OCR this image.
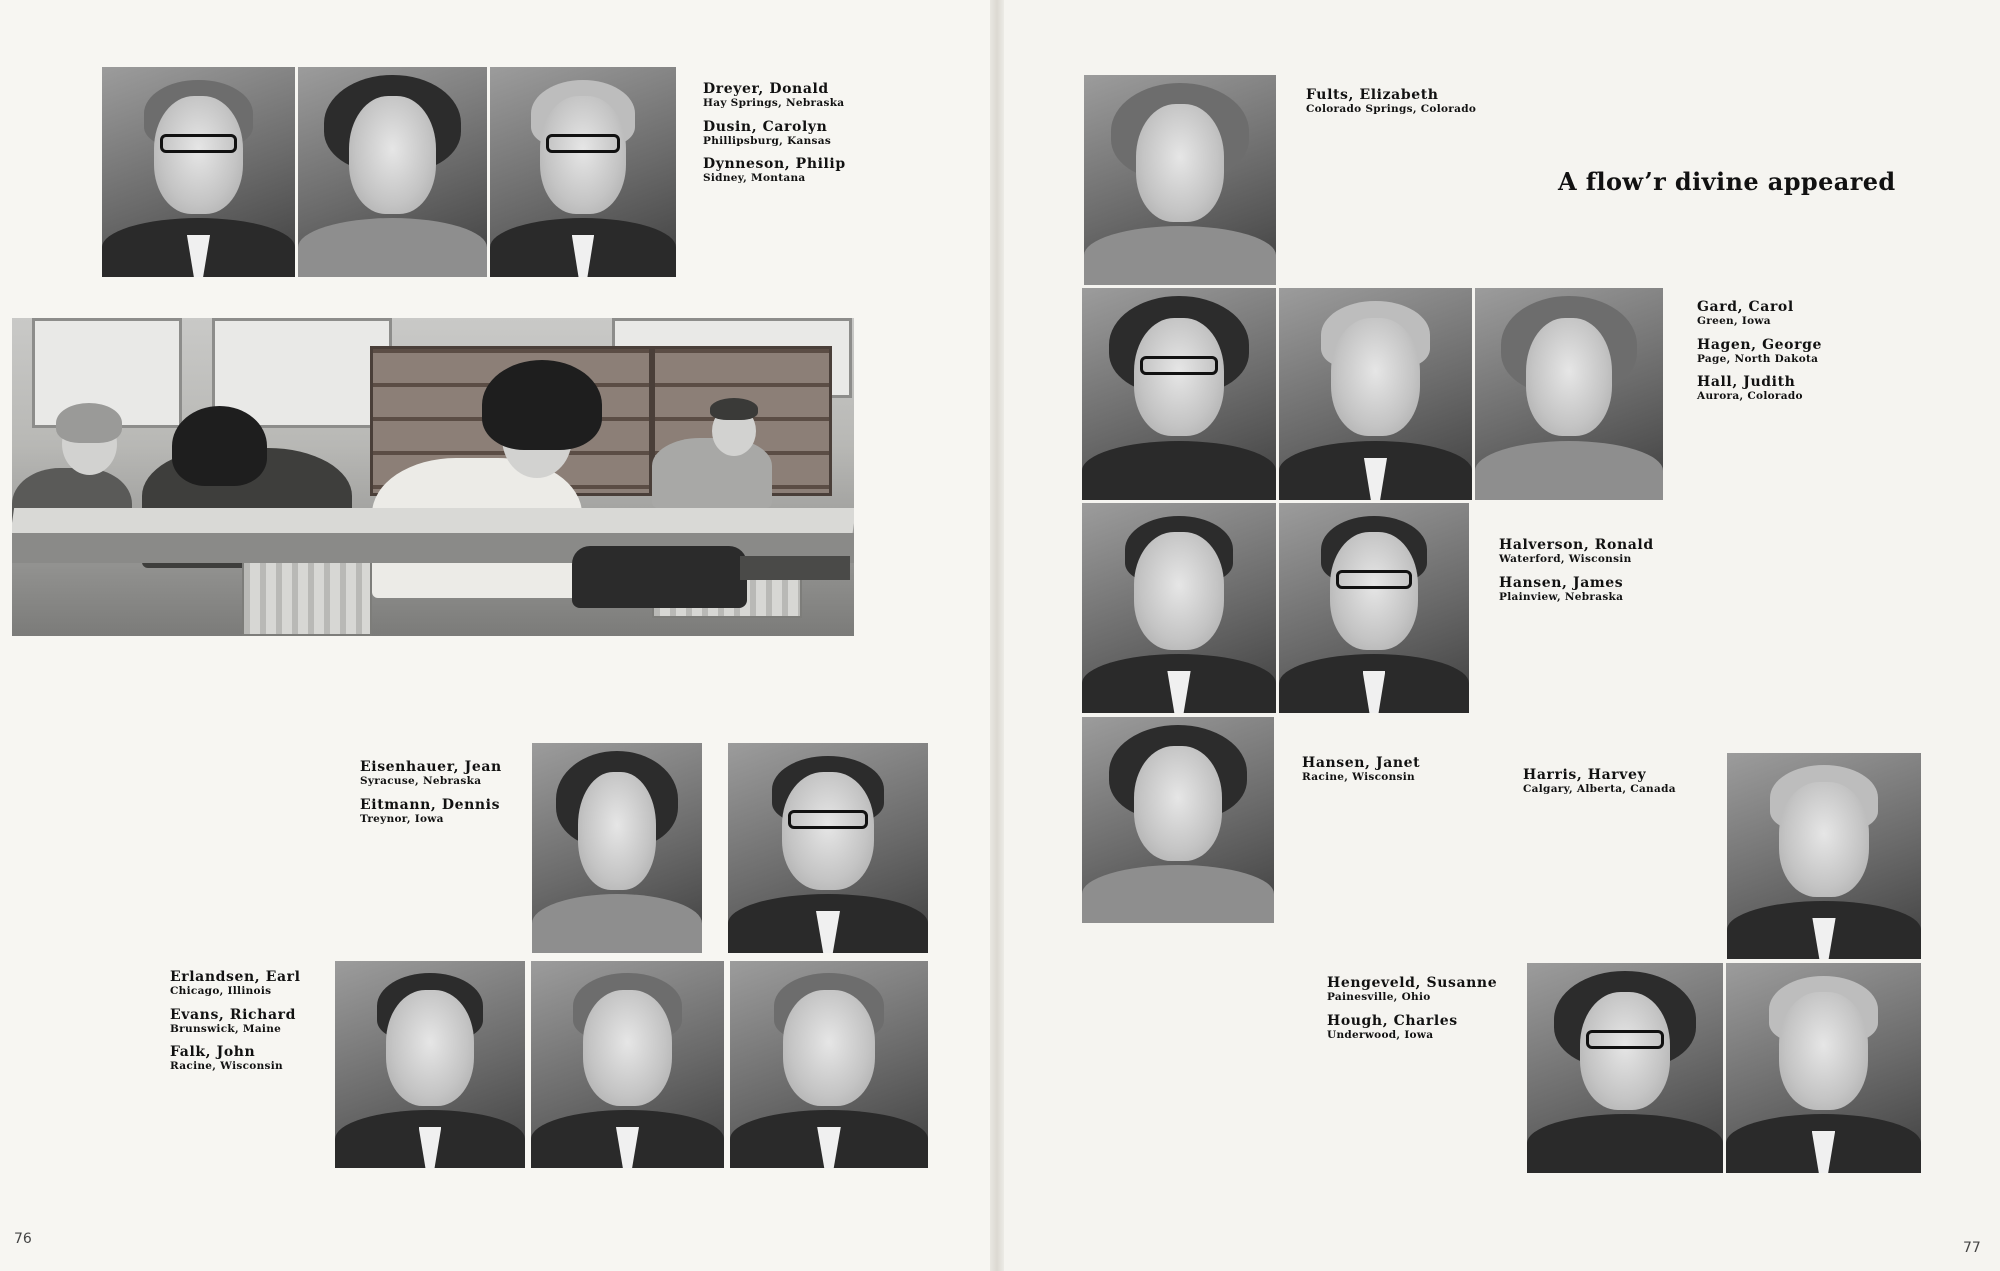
Dreyer, Donald
Hay Springs, Nebraska
Dusin, Carolyn
Phillipsburg, Kansas
Dynneson, Philip
Sidney, Montana
Eisenhauer, Jean
Syracuse, Nebraska
Eitmann, Dennis
Treynor, Iowa
Erlandsen, Earl
Chicago, Illinois
Evans, Richard
Brunswick, Maine
Falk, John
Racine, Wisconsin
76
Fults, Elizabeth
Colorado Springs, Colorado
A flow’r divine appeared
Gard, Carol
Green, Iowa
Hagen, George
Page, North Dakota
Hall, Judith
Aurora, Colorado
Halverson, Ronald
Waterford, Wisconsin
Hansen, James
Plainview, Nebraska
Hansen, Janet
Racine, Wisconsin	Harris, Harvey
Calgary, Alberta, Canada
Hengeveld, Susanne
Painesville, Ohio
Hough, Charles
Underwood, Iowa
77
